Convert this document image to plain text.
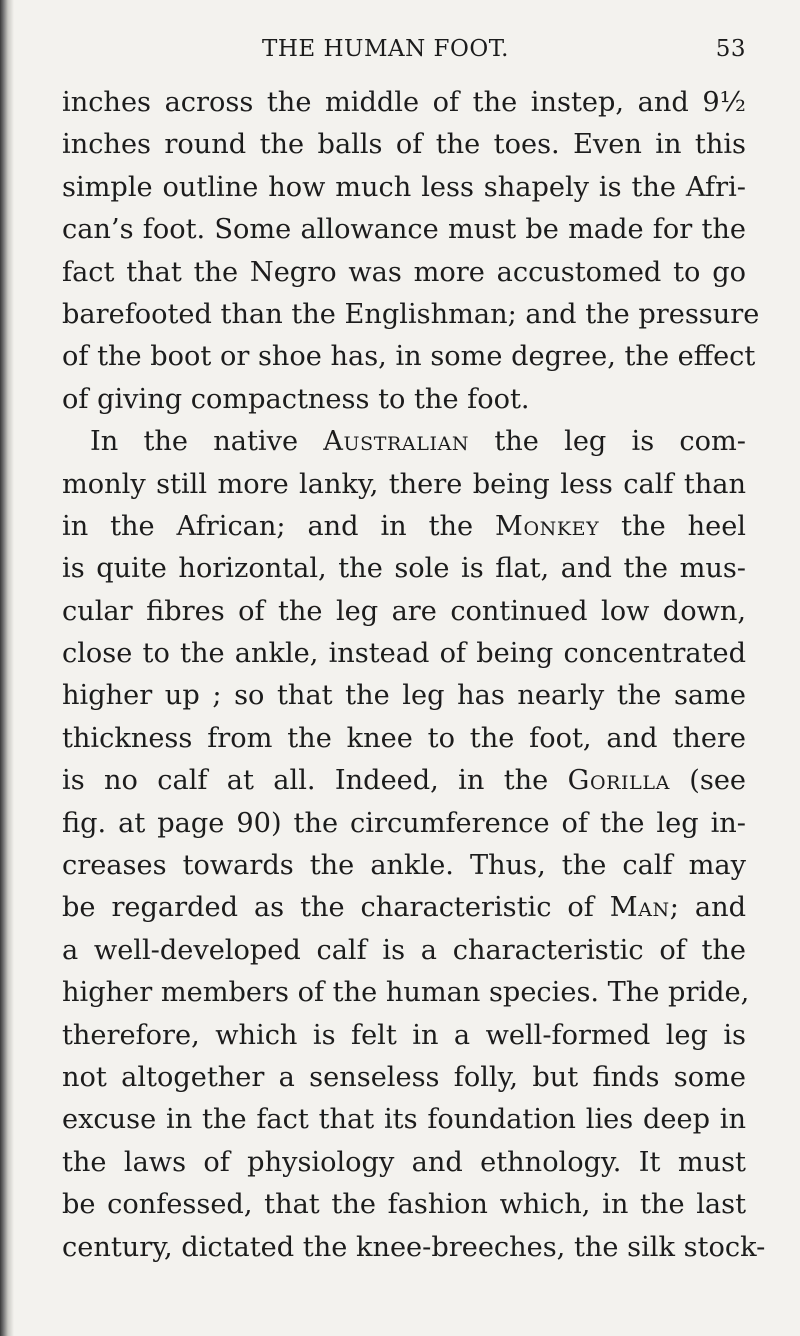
THE HUMAN FOOT.	53
inches across the middle of the instep, and 9½
inches round the balls of the toes. Even in this
simple outline how much less shapely is the Afri-
can’s foot. Some allowance must be made for the
fact that the Negro was more accustomed to go
barefooted than the Englishman; and the pressure
of the boot or shoe has, in some degree, the effect
of giving compactness to the foot.
In the native Australian the leg is com-
monly still more lanky, there being less calf than
in the African; and in the Monkey the heel
is quite horizontal, the sole is flat, and the mus-
cular fibres of the leg are continued low down,
close to the ankle, instead of being concentrated
higher up ; so that the leg has nearly the same
thickness from the knee to the foot, and there
is no calf at all. Indeed, in the Gorilla (see
fig. at page 90) the circumference of the leg in-
creases towards the ankle. Thus, the calf may
be regarded as the characteristic of Man; and
a well-developed calf is a characteristic of the
higher members of the human species. The pride,
therefore, which is felt in a well-formed leg is
not altogether a senseless folly, but finds some
excuse in the fact that its foundation lies deep in
the laws of physiology and ethnology. It must
be confessed, that the fashion which, in the last
century, dictated the knee-breeches, the silk stock-
